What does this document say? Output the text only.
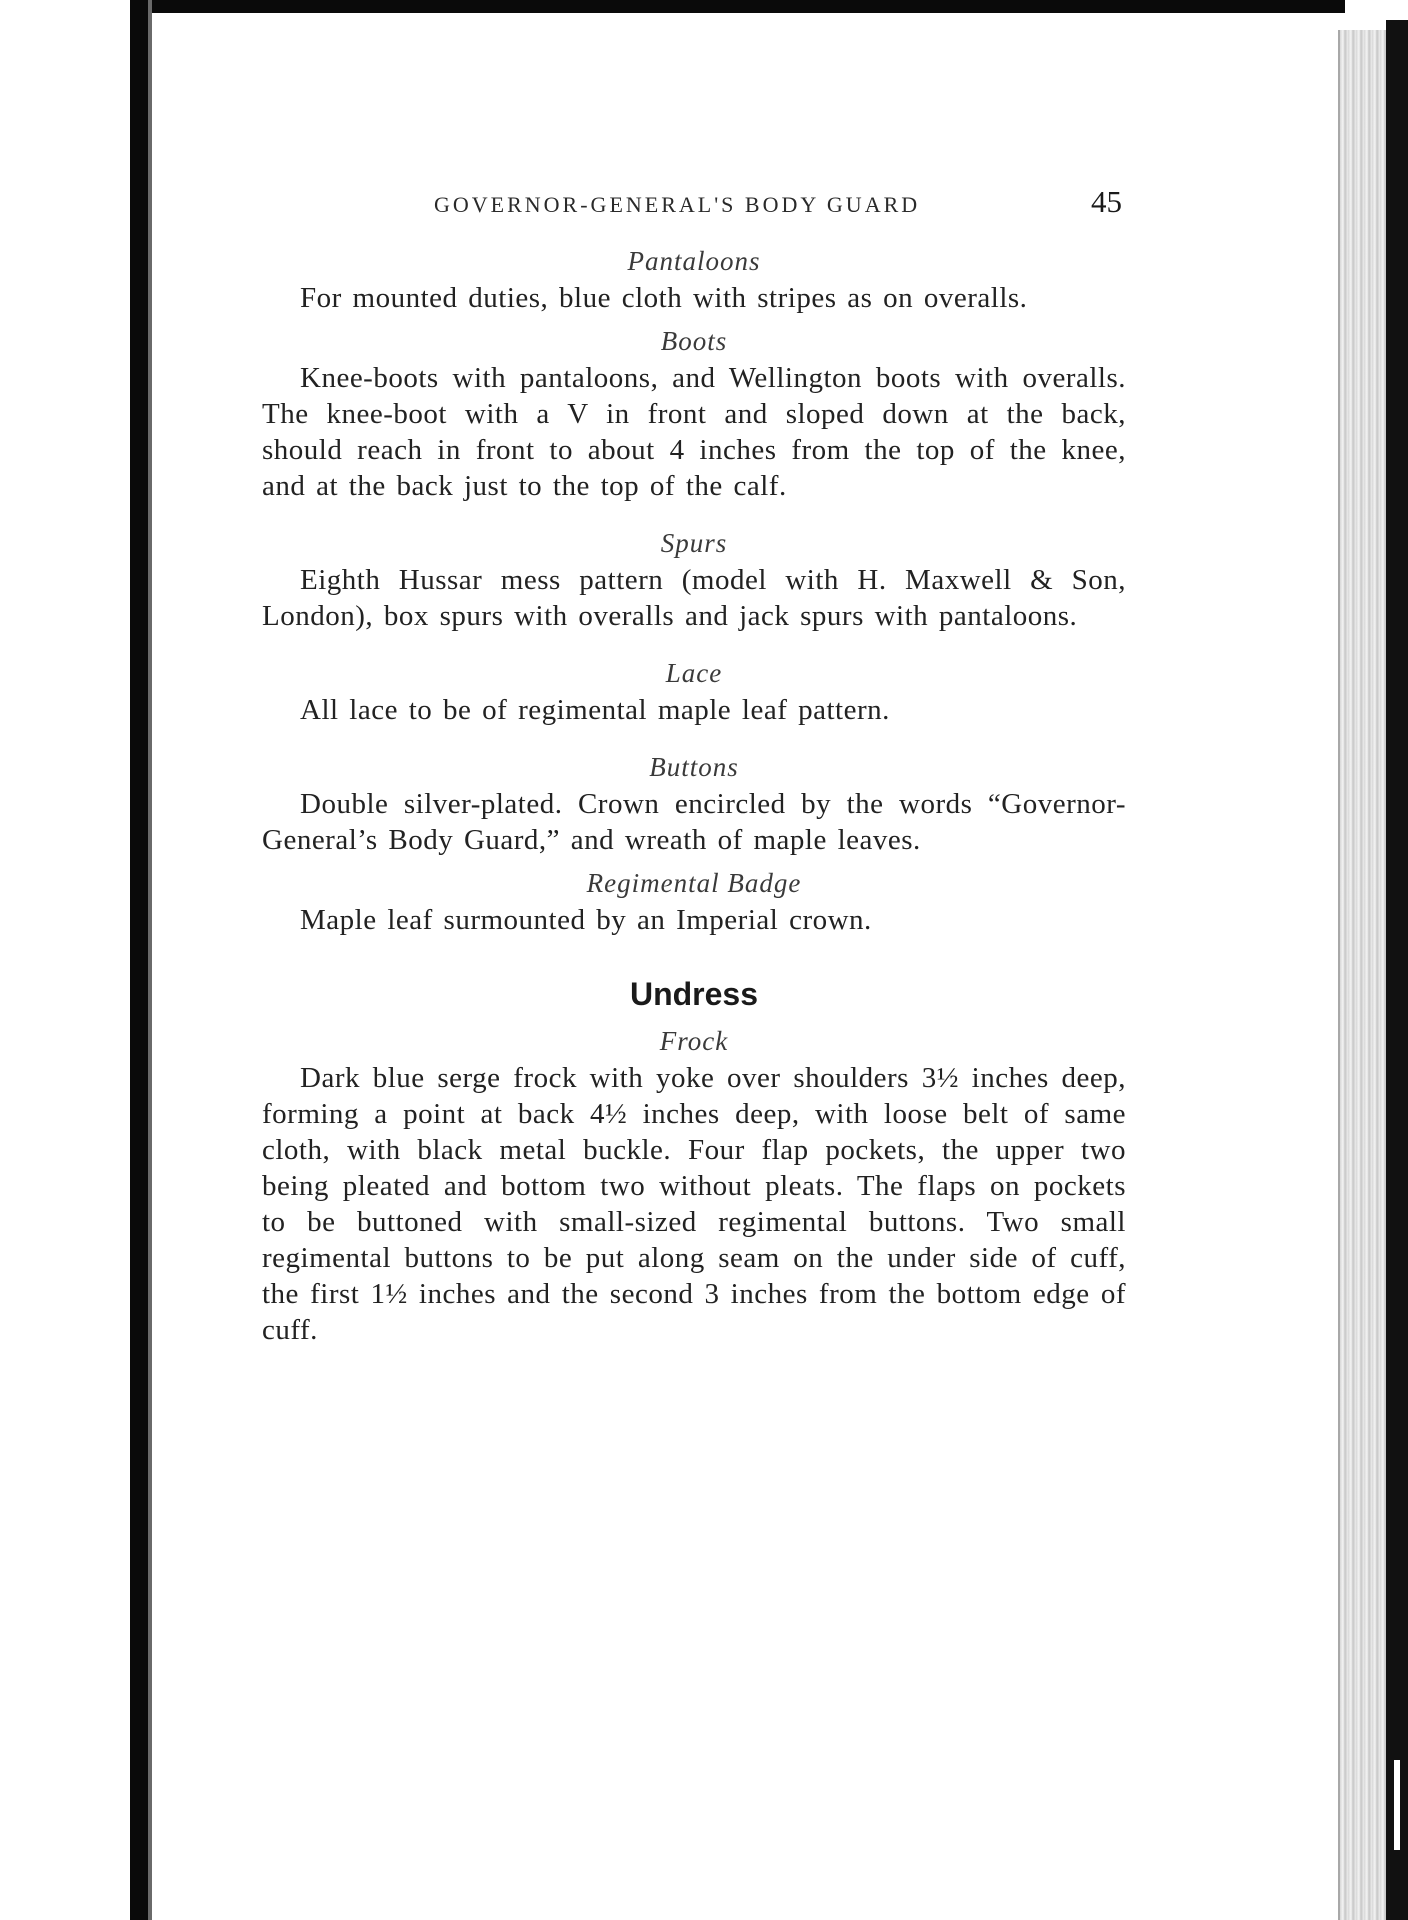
GOVERNOR-GENERAL'S BODY GUARD	45
Pantaloons

For mounted duties, blue cloth with stripes as on overalls.

Boots

Knee-boots with pantaloons, and Wellington boots with overalls. The knee-boot with a V in front and sloped down at the back, should reach in front to about 4 inches from the top of the knee, and at the back just to the top of the calf.

Spurs

Eighth Hussar mess pattern (model with H. Maxwell & Son, London), box spurs with overalls and jack spurs with pantaloons.

Lace

All lace to be of regimental maple leaf pattern.

Buttons

Double silver-plated. Crown encircled by the words “Governor-General’s Body Guard,” and wreath of maple leaves.

Regimental Badge

Maple leaf surmounted by an Imperial crown.

Undress
Frock

Dark blue serge frock with yoke over shoulders 3½ inches deep, forming a point at back 4½ inches deep, with loose belt of same cloth, with black metal buckle. Four flap pockets, the upper two being pleated and bottom two without pleats. The flaps on pockets to be buttoned with small-sized regimental buttons. Two small regimental buttons to be put along seam on the under side of cuff, the first 1½ inches and the second 3 inches from the bottom edge of cuff.
